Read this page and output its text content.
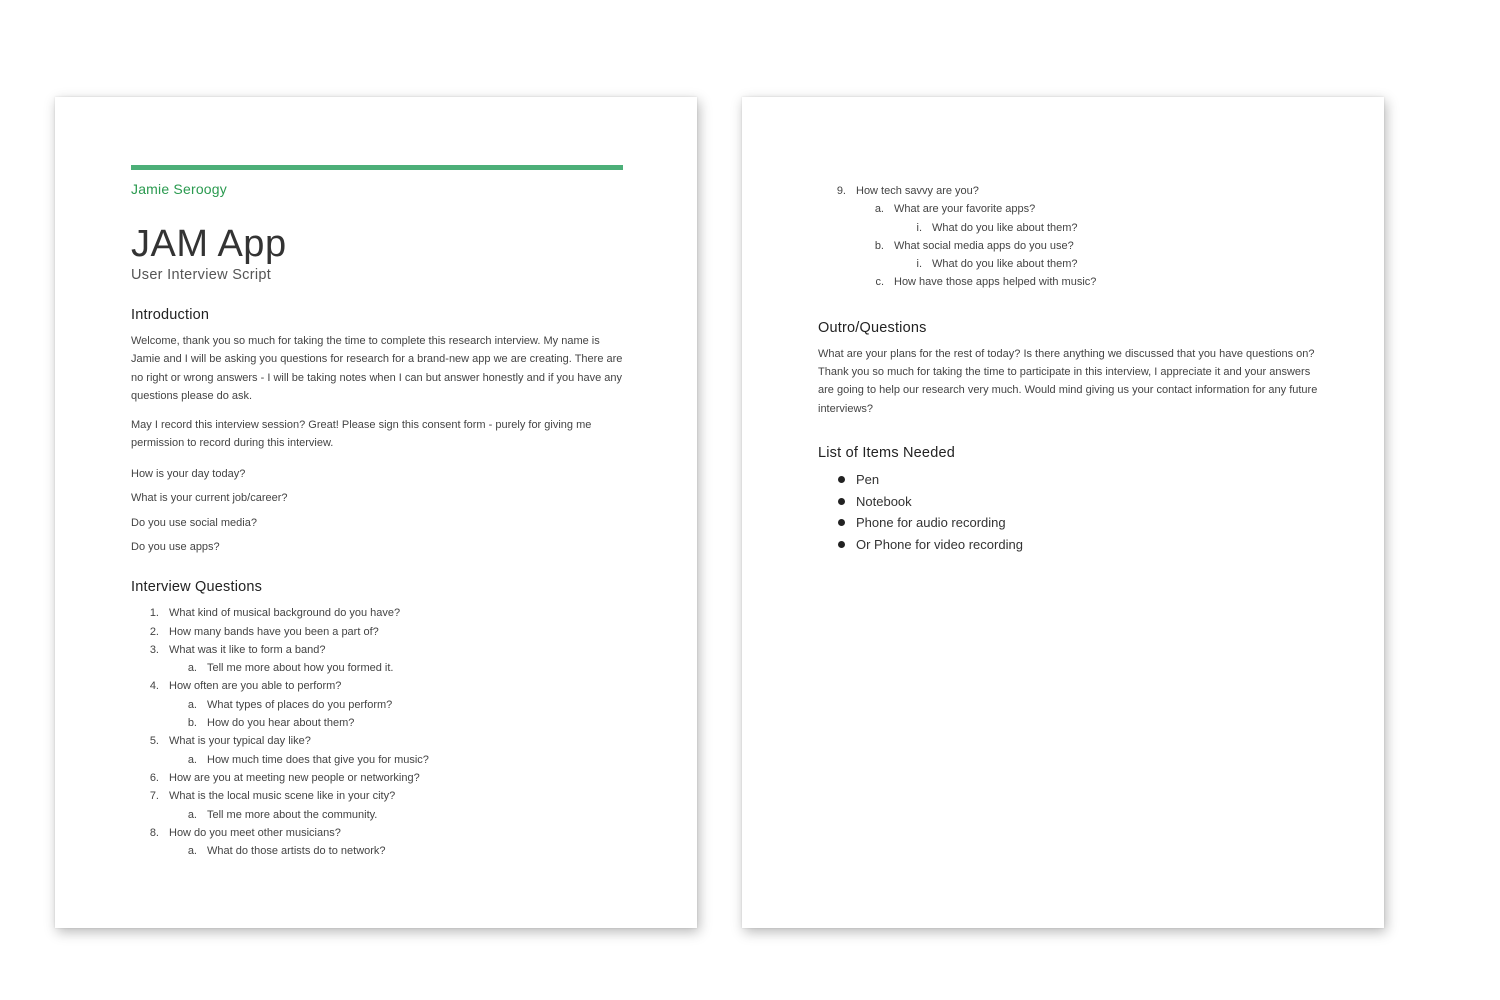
Jamie Seroogy
JAM App
User Interview Script
Introduction

Welcome, thank you so much for taking the time to complete this research interview. My name is Jamie and I will be asking you questions for research for a brand-new app we are creating. There are no right or wrong answers - I will be taking notes when I can but answer honestly and if you have any questions please do ask.

May I record this interview session? Great! Please sign this consent form - purely for giving me permission to record during this interview.

How is your day today?

What is your current job/career?

Do you use social media?

Do you use apps?

Interview Questions
1. What kind of musical background do you have?
2. How many bands have you been a part of?
3. What was it like to form a band?
a. Tell me more about how you formed it.
4. How often are you able to perform?
a. What types of places do you perform?
b. How do you hear about them?
5. What is your typical day like?
a. How much time does that give you for music?
6. How are you at meeting new people or networking?
7. What is the local music scene like in your city?
a. Tell me more about the community.
8. How do you meet other musicians?
a. What do those artists do to network?
9. How tech savvy are you?
a. What are your favorite apps?
i. What do you like about them?
b. What social media apps do you use?
i. What do you like about them?
c. How have those apps helped with music?
Outro/Questions

What are your plans for the rest of today? Is there anything we discussed that you have questions on? Thank you so much for taking the time to participate in this interview, I appreciate it and your answers are going to help our research very much. Would mind giving us your contact information for any future interviews?

List of Items Needed
Pen
Notebook
Phone for audio recording
Or Phone for video recording
